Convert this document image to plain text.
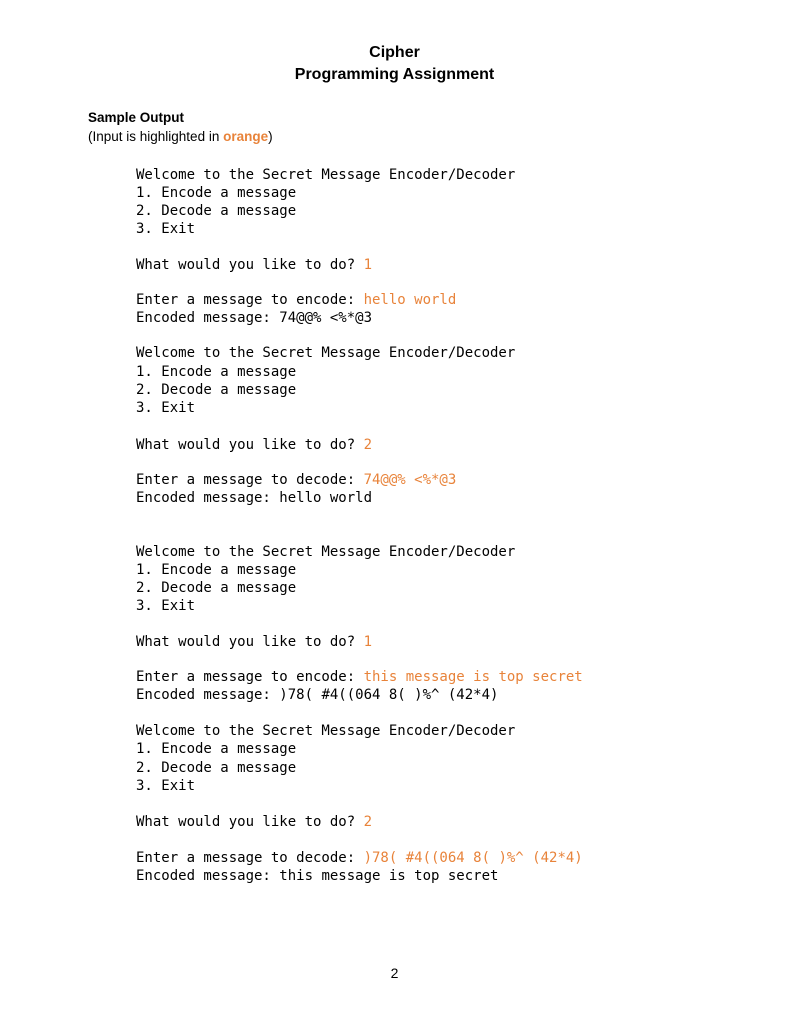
Cipher
Programming Assignment
Sample Output
(Input is highlighted in orange)
Welcome to the Secret Message Encoder/Decoder
1. Encode a message
2. Decode a message
3. Exit
What would you like to do? 1
Enter a message to encode: hello world
Encoded message: 74@@% <%*@3
Welcome to the Secret Message Encoder/Decoder
1. Encode a message
2. Decode a message
3. Exit
What would you like to do? 2
Enter a message to decode: 74@@% <%*@3
Encoded message: hello world
Welcome to the Secret Message Encoder/Decoder
1. Encode a message
2. Decode a message
3. Exit
What would you like to do? 1
Enter a message to encode: this message is top secret
Encoded message: )78( #4((064 8( )%^ (42*4)
Welcome to the Secret Message Encoder/Decoder
1. Encode a message
2. Decode a message
3. Exit
What would you like to do? 2
Enter a message to decode: )78( #4((064 8( )%^ (42*4)
Encoded message: this message is top secret
2
